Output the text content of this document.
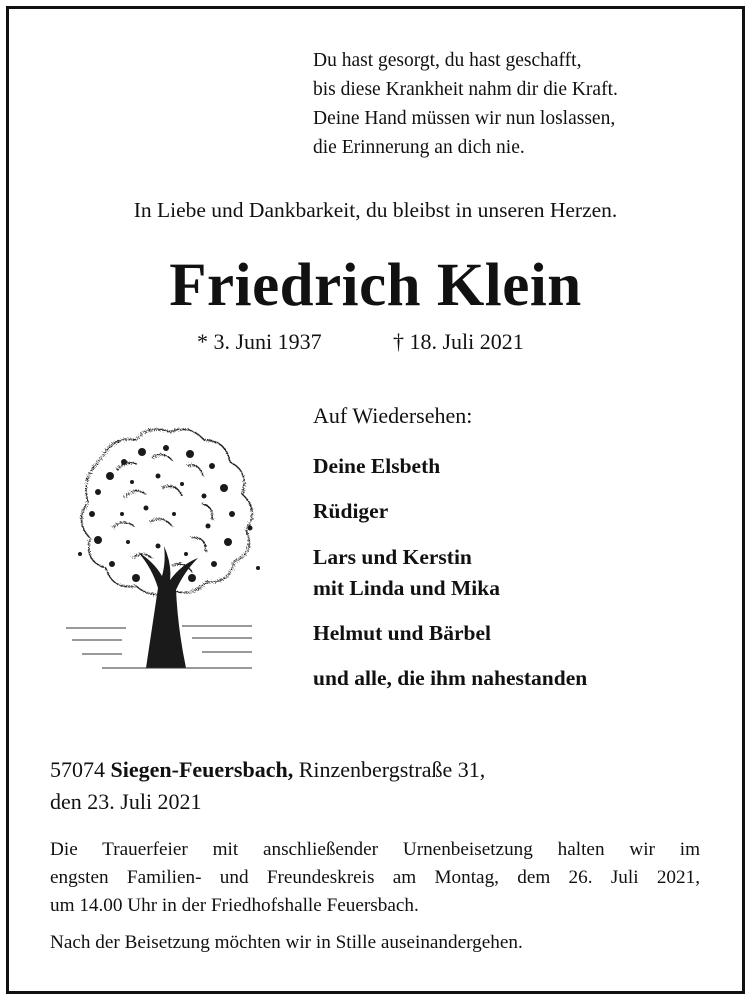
Du hast gesorgt, du hast geschafft,
bis diese Krankheit nahm dir die Kraft.
Deine Hand müssen wir nun loslassen,
die Erinnerung an dich nie.
In Liebe und Dankbarkeit, du bleibst in unseren Herzen.
Friedrich Klein
* 3. Juni 1937	† 18. Juli 2021
Auf Wiedersehen:
Deine Elsbeth
Rüdiger
Lars und Kerstin
mit Linda und Mika
Helmut und Bärbel
und alle, die ihm nahestanden
57074 Siegen-Feuersbach, Rinzenbergstraße 31,
den 23. Juli 2021
Die Trauerfeier mit anschließender Urnenbeisetzung halten wir im
engsten Familien- und Freundeskreis am Montag, dem 26. Juli 2021,
um 14.00 Uhr in der Friedhofshalle Feuersbach.
Nach der Beisetzung möchten wir in Stille auseinandergehen.
